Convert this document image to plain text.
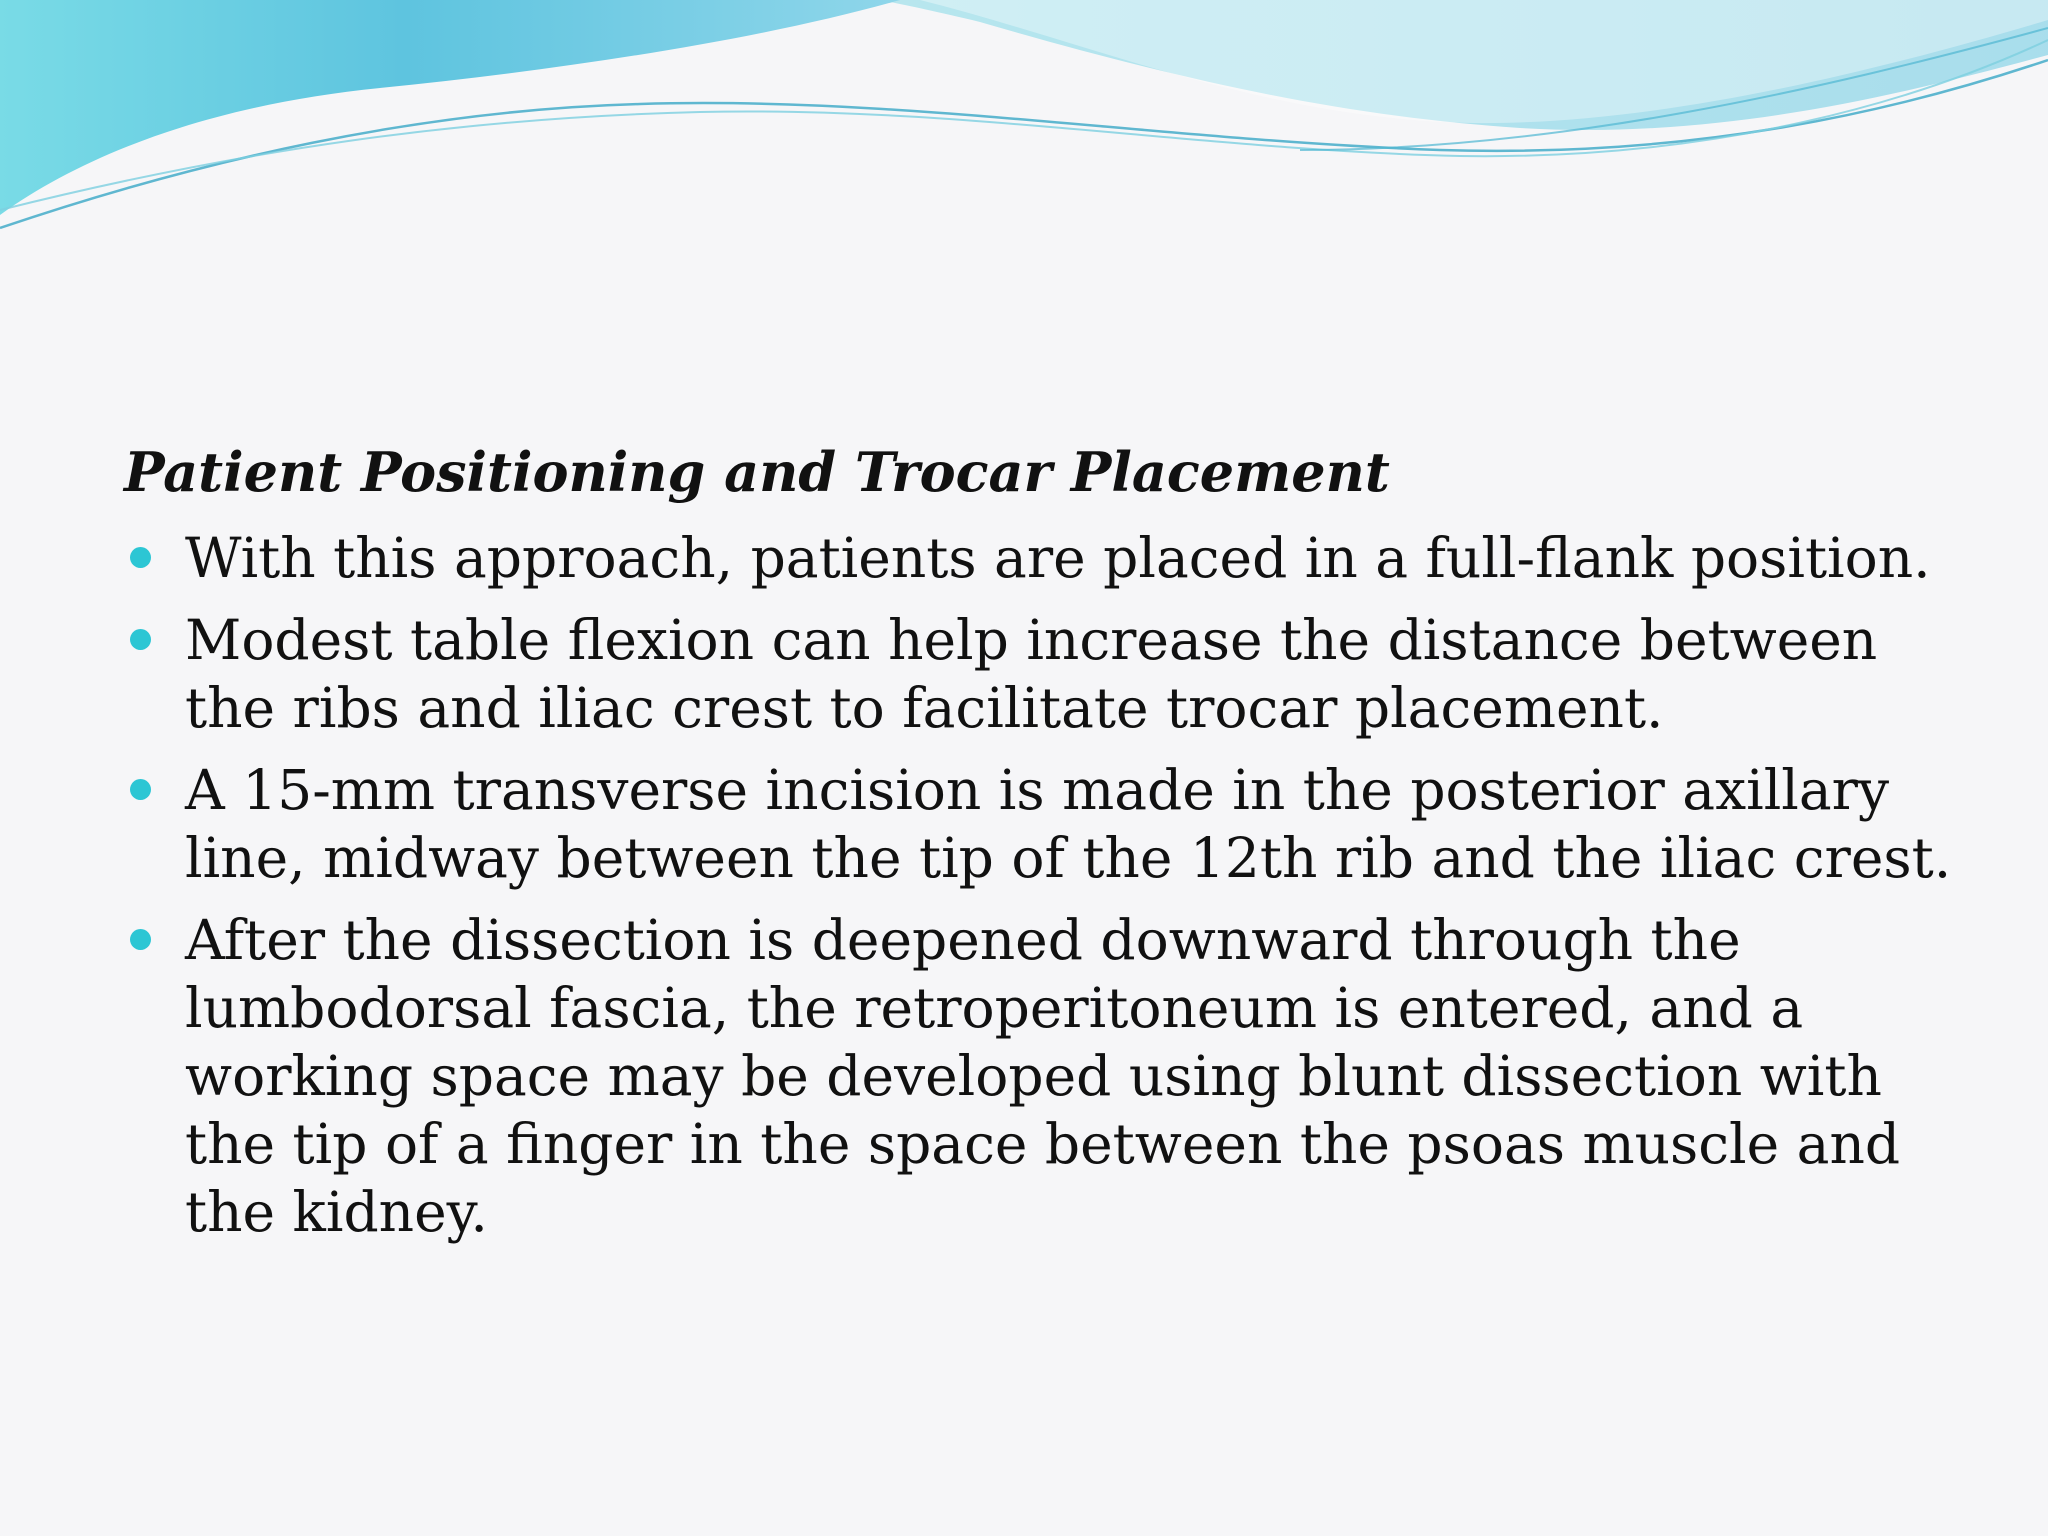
Patient Positioning and Trocar Placement

With this approach, patients are placed in a full-flank position.
Modest table flexion can help increase the distance between the ribs and iliac crest to facilitate trocar placement.
A 15-mm transverse incision is made in the posterior axillary line, midway between the tip of the 12th rib and the iliac crest.
After the dissection is deepened downward through the lumbodorsal fascia, the retroperitoneum is entered, and a working space may be developed using blunt dissection with the tip of a finger in the space between the psoas muscle and the kidney.
